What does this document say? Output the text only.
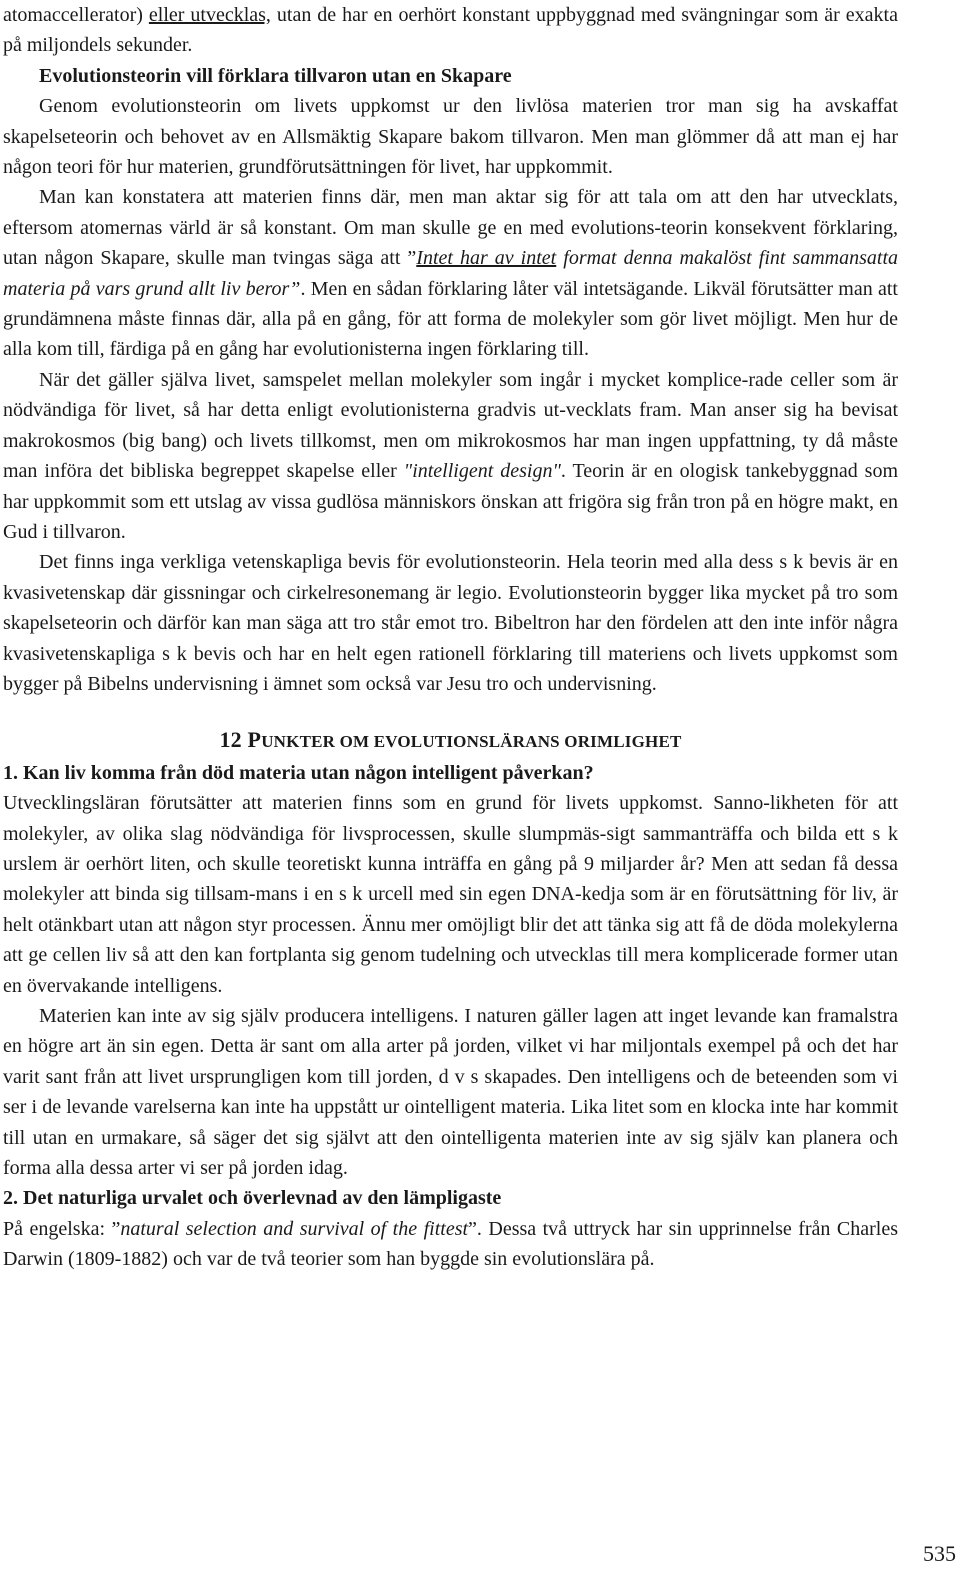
atomaccellerator) eller utvecklas, utan de har en oerhört konstant uppbyggnad med svängningar som är exakta på miljondels sekunder.

Evolutionsteorin vill förklara tillvaron utan en Skapare

Genom evolutionsteorin om livets uppkomst ur den livlösa materien tror man sig ha avskaffat skapelseteorin och behovet av en Allsmäktig Skapare bakom tillvaron. Men man glömmer då att man ej har någon teori för hur materien, grundförutsättningen för livet, har uppkommit.

Man kan konstatera att materien finns där, men man aktar sig för att tala om att den har utvecklats, eftersom atomernas värld är så konstant. Om man skulle ge en med evolutions-teorin konsekvent förklaring, utan någon Skapare, skulle man tvingas säga att ”Intet har av intet format denna makalöst fint sammansatta materia på vars grund allt liv beror”. Men en sådan förklaring låter väl intetsägande. Likväl förutsätter man att grundämnena måste finnas där, alla på en gång, för att forma de molekyler som gör livet möjligt. Men hur de alla kom till, färdiga på en gång har evolutionisterna ingen förklaring till.

När det gäller själva livet, samspelet mellan molekyler som ingår i mycket komplice-rade celler som är nödvändiga för livet, så har detta enligt evolutionisterna gradvis ut-vecklats fram. Man anser sig ha bevisat makrokosmos (big bang) och livets tillkomst, men om mikrokosmos har man ingen uppfattning, ty då måste man införa det bibliska begreppet skapelse eller "intelligent design". Teorin är en ologisk tankebyggnad som har uppkommit som ett utslag av vissa gudlösa människors önskan att frigöra sig från tron på en högre makt, en Gud i tillvaron.

Det finns inga verkliga vetenskapliga bevis för evolutionsteorin. Hela teorin med alla dess s k bevis är en kvasivetenskap där gissningar och cirkelresonemang är legio. Evolutionsteorin bygger lika mycket på tro som skapelseteorin och därför kan man säga att tro står emot tro. Bibeltron har den fördelen att den inte inför några kvasivetenskapliga s k bevis och har en helt egen rationell förklaring till materiens och livets uppkomst som bygger på Bibelns undervisning i ämnet som också var Jesu tro och undervisning.

12 PUNKTER OM EVOLUTIONSLÄRANS ORIMLIGHET

1. Kan liv komma från död materia utan någon intelligent påverkan?

Utvecklingsläran förutsätter att materien finns som en grund för livets uppkomst. Sanno-likheten för att molekyler, av olika slag nödvändiga för livsprocessen, skulle slumpmäs-sigt sammanträffa och bilda ett s k urslem är oerhört liten, och skulle teoretiskt kunna inträffa en gång på 9 miljarder år? Men att sedan få dessa molekyler att binda sig tillsam-mans i en s k urcell med sin egen DNA-kedja som är en förutsättning för liv, är helt otänkbart utan att någon styr processen. Ännu mer omöjligt blir det att tänka sig att få de döda molekylerna att ge cellen liv så att den kan fortplanta sig genom tudelning och utvecklas till mera komplicerade former utan en övervakande intelligens.

Materien kan inte av sig själv producera intelligens. I naturen gäller lagen att inget levande kan framalstra en högre art än sin egen. Detta är sant om alla arter på jorden, vilket vi har miljontals exempel på och det har varit sant från att livet ursprungligen kom till jorden, d v s skapades. Den intelligens och de beteenden som vi ser i de levande varelserna kan inte ha uppstått ur ointelligent materia. Lika litet som en klocka inte har kommit till utan en urmakare, så säger det sig självt att den ointelligenta materien inte av sig själv kan planera och forma alla dessa arter vi ser på jorden idag.

2. Det naturliga urvalet och överlevnad av den lämpligaste

På engelska: ”natural selection and survival of the fittest”. Dessa två uttryck har sin upprinnelse från Charles Darwin (1809-1882) och var de två teorier som han byggde sin evolutionslära på.

535
